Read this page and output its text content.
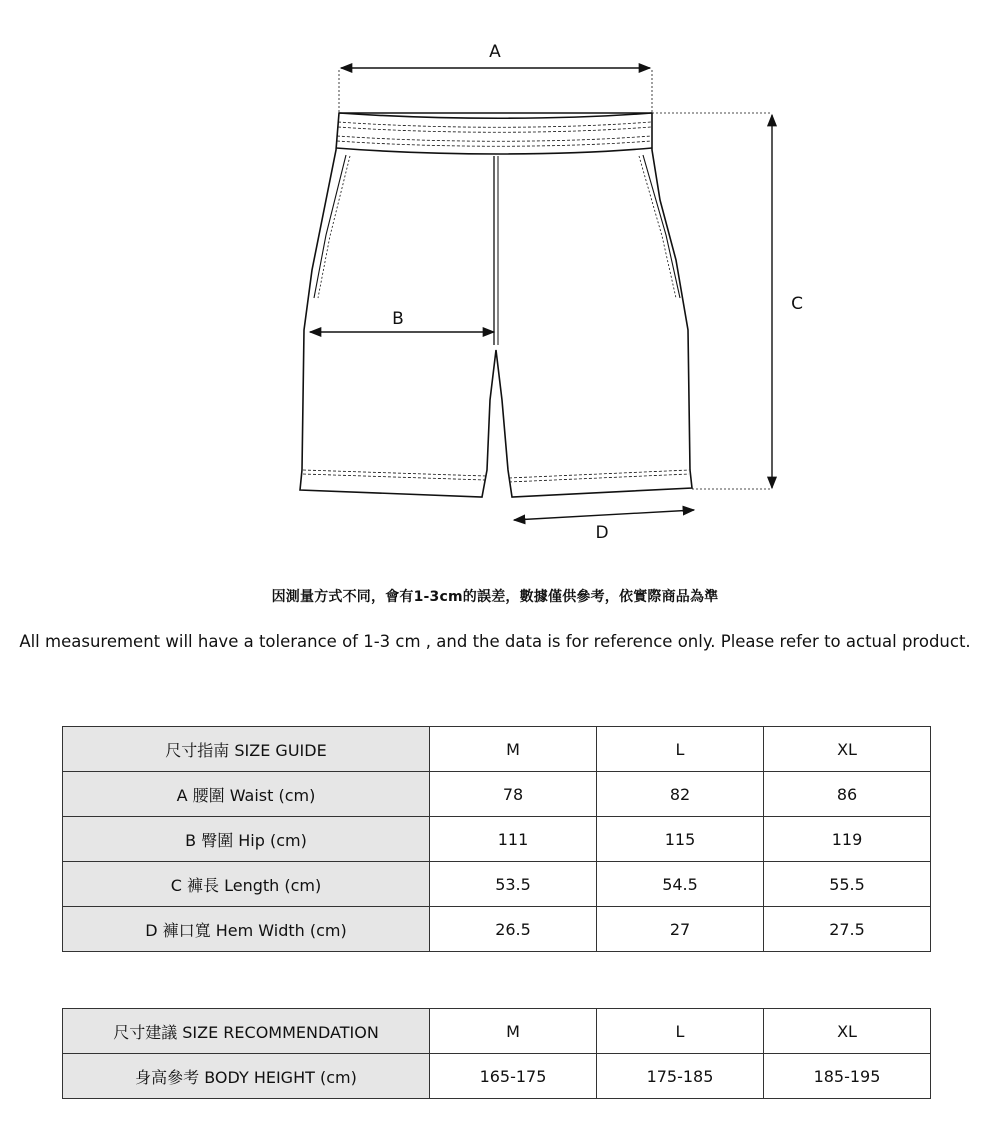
A
B
C
D
因測量方式不同，會有1-3cm的誤差，數據僅供參考，依實際商品為準
All measurement will have a tolerance of 1-3 cm , and the data is for reference only. Please refer to actual product.
尺寸指南 SIZE GUIDE	M	L	XL
A 腰圍 Waist (cm)	78	82	86
B 臀圍 Hip (cm)	111	115	119
C 褲長 Length (cm)	53.5	54.5	55.5
D 褲口寬 Hem Width (cm)	26.5	27	27.5
尺寸建議 SIZE RECOMMENDATION	M	L	XL
身高參考 BODY HEIGHT (cm)	165-175	175-185	185-195
